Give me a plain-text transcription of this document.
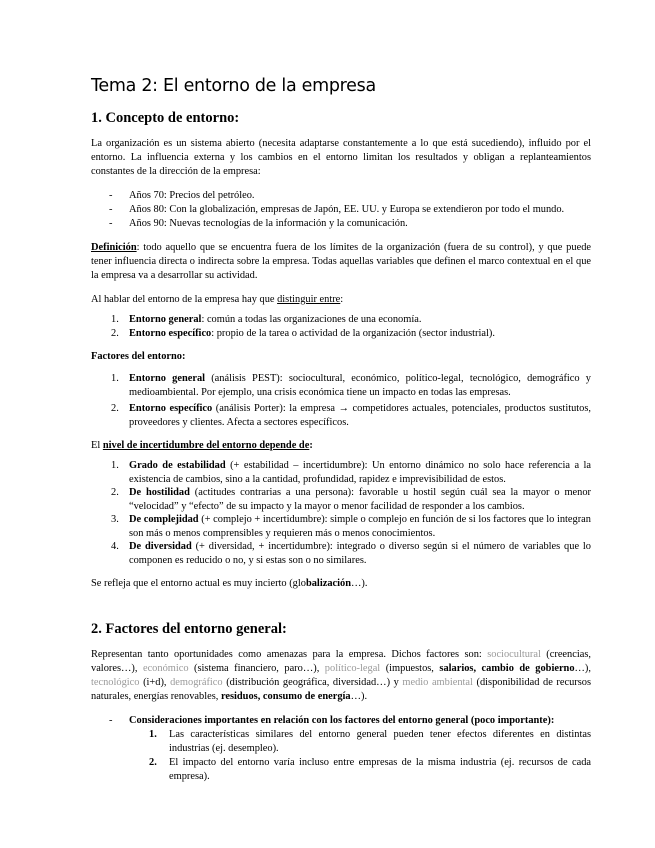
Tema 2: El entorno de la empresa
1. Concepto de entorno:

La organización es un sistema abierto (necesita adaptarse constantemente a lo que está sucediendo), influido por el entorno. La influencia externa y los cambios en el entorno limitan los resultados y obligan a replanteamientos constantes de la dirección de la empresa:

- Años 70: Precios del petróleo.
- Años 80: Con la globalización, empresas de Japón, EE. UU. y Europa se extendieron por todo el mundo.
- Años 90: Nuevas tecnologías de la información y la comunicación.

Definición: todo aquello que se encuentra fuera de los límites de la organización (fuera de su control), y que puede tener influencia directa o indirecta sobre la empresa. Todas aquellas variables que definen el marco contextual en el que la empresa va a desarrollar su actividad.

Al hablar del entorno de la empresa hay que distinguir entre:

1. Entorno general: común a todas las organizaciones de una economía.
2. Entorno específico: propio de la tarea o actividad de la organización (sector industrial).

Factores del entorno:

1. Entorno general (análisis PEST): sociocultural, económico, político-legal, tecnológico, demográfico y medioambiental. Por ejemplo, una crisis económica tiene un impacto en todas las empresas.
2. Entorno específico (análisis Porter): la empresa → competidores actuales, potenciales, productos sustitutos, proveedores y clientes. Afecta a sectores específicos.

El nivel de incertidumbre del entorno depende de:

1. Grado de estabilidad (+ estabilidad – incertidumbre): Un entorno dinámico no solo hace referencia a la existencia de cambios, sino a la cantidad, profundidad, rapidez e imprevisibilidad de estos.
2. De hostilidad (actitudes contrarias a una persona): favorable u hostil según cuál sea la mayor o menor “velocidad” y “efecto” de su impacto y la mayor o menor facilidad de responder a los cambios.
3. De complejidad (+ complejo + incertidumbre): simple o complejo en función de si los factores que lo integran son más o menos comprensibles y requieren más o menos conocimientos.
4. De diversidad (+ diversidad, + incertidumbre): integrado o diverso según si el número de variables que lo componen es reducido o no, y si estas son o no similares.

Se refleja que el entorno actual es muy incierto (globalización…).

2. Factores del entorno general:

Representan tanto oportunidades como amenazas para la empresa. Dichos factores son: sociocultural (creencias, valores…), económico (sistema financiero, paro…), político-legal (impuestos, salarios, cambio de gobierno…), tecnológico (i+d), demográfico (distribución geográfica, diversidad…) y medio ambiental (disponibilidad de recursos naturales, energías renovables, residuos, consumo de energía…).

- Consideraciones importantes en relación con los factores del entorno general (poco importante):
1. Las características similares del entorno general pueden tener efectos diferentes en distintas industrias (ej. desempleo).
2. El impacto del entorno varía incluso entre empresas de la misma industria (ej. recursos de cada empresa).
